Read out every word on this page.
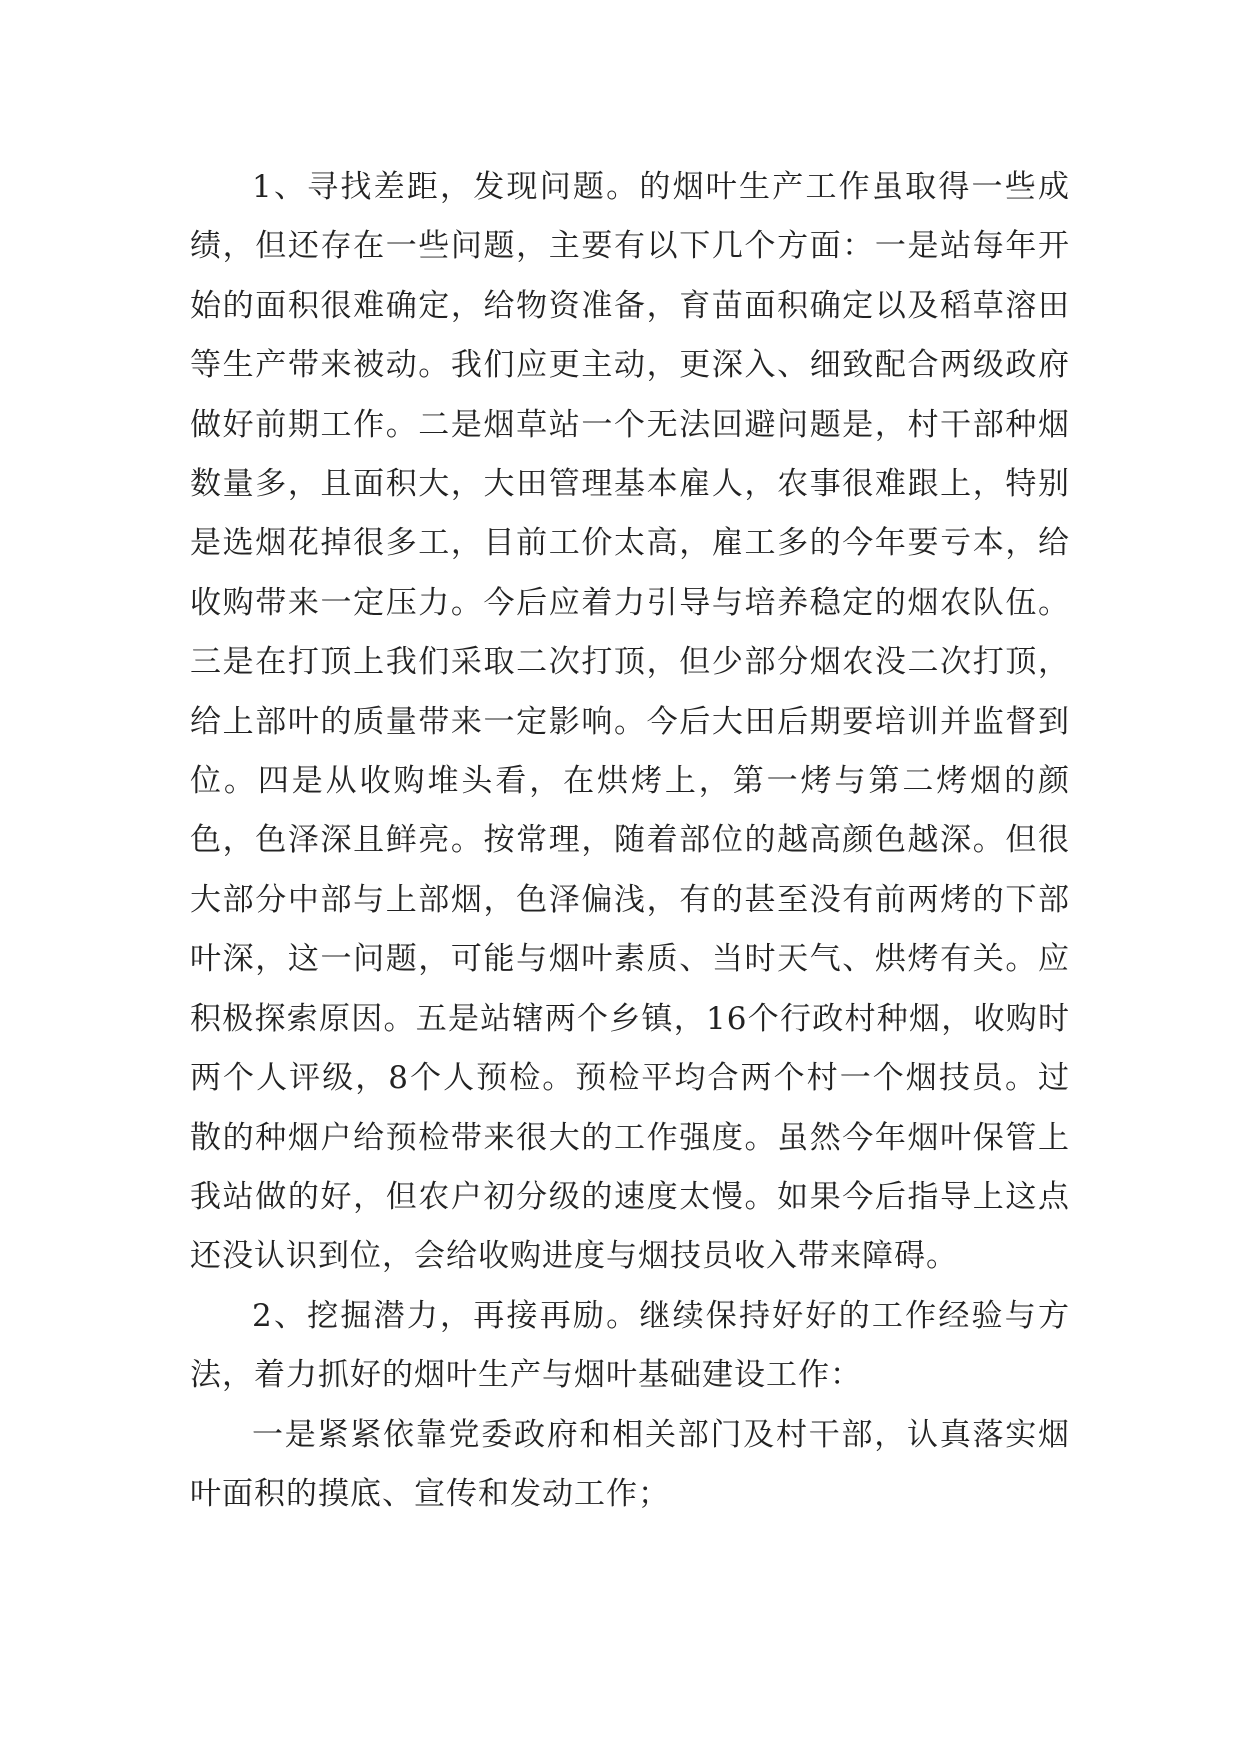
1、寻找差距，发现问题。的烟叶生产工作虽取得一些成绩，但还存在一些问题，主要有以下几个方面：一是站每年开始的面积很难确定，给物资准备，育苗面积确定以及稻草溶田等生产带来被动。我们应更主动，更深入、细致配合两级政府做好前期工作。二是烟草站一个无法回避问题是，村干部种烟数量多，且面积大，大田管理基本雇人，农事很难跟上，特别是选烟花掉很多工，目前工价太高，雇工多的今年要亏本，给收购带来一定压力。今后应着力引导与培养稳定的烟农队伍。三是在打顶上我们采取二次打顶，但少部分烟农没二次打顶，给上部叶的质量带来一定影响。今后大田后期要培训并监督到位。四是从收购堆头看，在烘烤上，第一烤与第二烤烟的颜色，色泽深且鲜亮。按常理，随着部位的越高颜色越深。但很大部分中部与上部烟，色泽偏浅，有的甚至没有前两烤的下部叶深，这一问题，可能与烟叶素质、当时天气、烘烤有关。应积极探索原因。五是站辖两个乡镇，16个行政村种烟，收购时两个人评级，8个人预检。预检平均合两个村一个烟技员。过散的种烟户给预检带来很大的工作强度。虽然今年烟叶保管上我站做的好，但农户初分级的速度太慢。如果今后指导上这点还没认识到位，会给收购进度与烟技员收入带来障碍。

2、挖掘潜力，再接再励。继续保持好好的工作经验与方法，着力抓好的烟叶生产与烟叶基础建设工作：

一是紧紧依靠党委政府和相关部门及村干部，认真落实烟叶面积的摸底、宣传和发动工作；
